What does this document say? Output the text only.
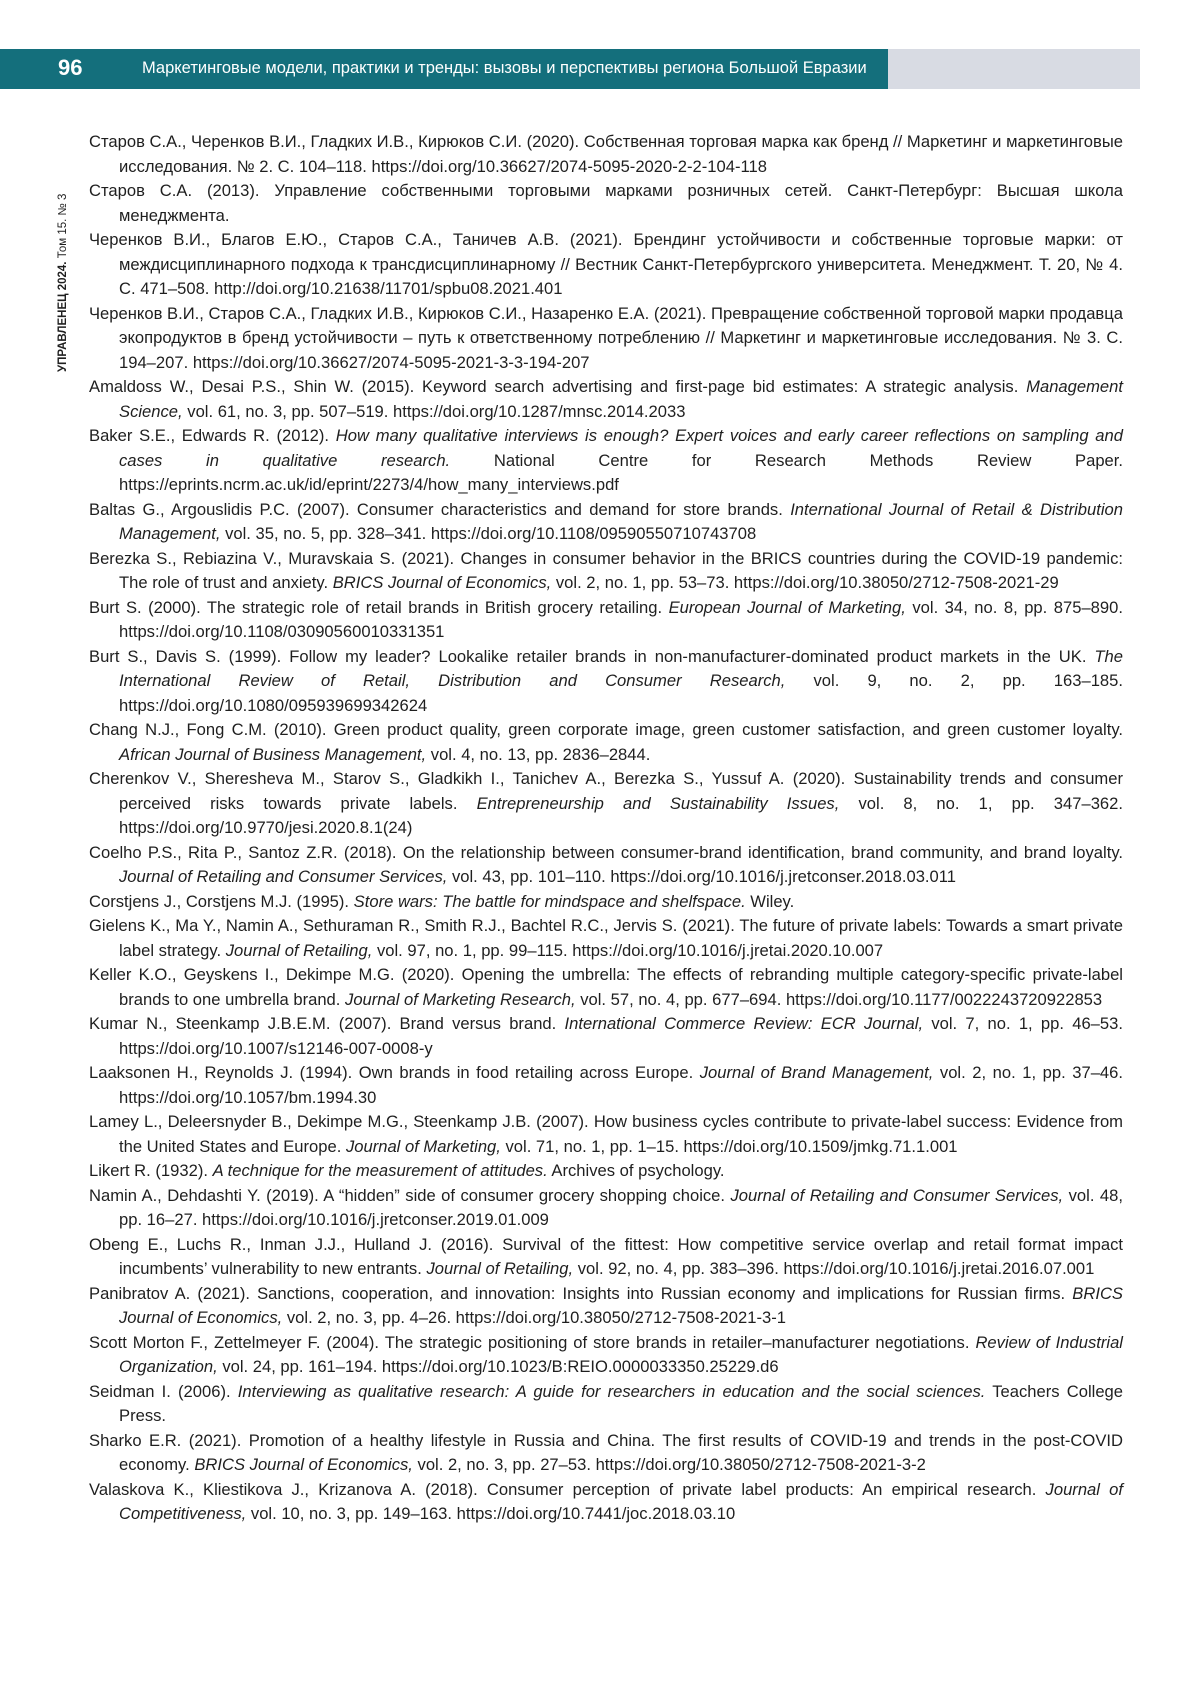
96	Маркетинговые модели, практики и тренды: вызовы и перспективы региона Большой Евразии
УПРАВЛЕНЕЦ 2024. Том 15. № 3
Старов С.А., Черенков В.И., Гладких И.В., Кирюков С.И. (2020). Собственная торговая марка как бренд // Маркетинг и маркетинговые исследования. № 2. С. 104–118. https://doi.org/10.36627/2074-5095-2020-2-2-104-118
Старов С.А. (2013). Управление собственными торговыми марками розничных сетей. Санкт-Петербург: Высшая школа менеджмента.
Черенков В.И., Благов Е.Ю., Старов С.А., Таничев А.В. (2021). Брендинг устойчивости и собственные торговые марки: от междисциплинарного подхода к трансдисциплинарному // Вестник Санкт-Петербургского университета. Менеджмент. Т. 20, № 4. С. 471–508. http://doi.org/10.21638/11701/spbu08.2021.401
Черенков В.И., Старов С.А., Гладких И.В., Кирюков С.И., Назаренко Е.А. (2021). Превращение собственной торговой марки продавца экопродуктов в бренд устойчивости – путь к ответственному потреблению // Маркетинг и маркетинговые исследования. № 3. С. 194–207. https://doi.org/10.36627/2074-5095-2021-3-3-194-207
Amaldoss W., Desai P.S., Shin W. (2015). Keyword search advertising and first-page bid estimates: A strategic analysis. Management Science, vol. 61, no. 3, pp. 507–519. https://doi.org/10.1287/mnsc.2014.2033
Baker S.E., Edwards R. (2012). How many qualitative interviews is enough? Expert voices and early career reflections on sampling and cases in qualitative research. National Centre for Research Methods Review Paper. https://eprints.ncrm.ac.uk/id/eprint/2273/4/how_many_interviews.pdf
Baltas G., Argouslidis P.C. (2007). Consumer characteristics and demand for store brands. International Journal of Retail & Distribution Management, vol. 35, no. 5, pp. 328–341. https://doi.org/10.1108/09590550710743708
Berezka S., Rebiazina V., Muravskaia S. (2021). Changes in consumer behavior in the BRICS countries during the COVID-19 pandemic: The role of trust and anxiety. BRICS Journal of Economics, vol. 2, no. 1, pp. 53–73. https://doi.org/10.38050/2712-7508-2021-29
Burt S. (2000). The strategic role of retail brands in British grocery retailing. European Journal of Marketing, vol. 34, no. 8, pp. 875–890. https://doi.org/10.1108/03090560010331351
Burt S., Davis S. (1999). Follow my leader? Lookalike retailer brands in non-manufacturer-dominated product markets in the UK. The International Review of Retail, Distribution and Consumer Research, vol. 9, no. 2, pp. 163–185. https://doi.org/10.1080/095939699342624
Chang N.J., Fong C.M. (2010). Green product quality, green corporate image, green customer satisfaction, and green customer loyalty. African Journal of Business Management, vol. 4, no. 13, pp. 2836–2844.
Cherenkov V., Sheresheva M., Starov S., Gladkikh I., Tanichev A., Berezka S., Yussuf A. (2020). Sustainability trends and consumer perceived risks towards private labels. Entrepreneurship and Sustainability Issues, vol. 8, no. 1, pp. 347–362. https://doi.org/10.9770/jesi.2020.8.1(24)
Coelho P.S., Rita P., Santoz Z.R. (2018). On the relationship between consumer-brand identification, brand community, and brand loyalty. Journal of Retailing and Consumer Services, vol. 43, pp. 101–110. https://doi.org/10.1016/j.jretconser.2018.03.011
Corstjens J., Corstjens M.J. (1995). Store wars: The battle for mindspace and shelfspace. Wiley.
Gielens K., Ma Y., Namin A., Sethuraman R., Smith R.J., Bachtel R.C., Jervis S. (2021). The future of private labels: Towards a smart private label strategy. Journal of Retailing, vol. 97, no. 1, pp. 99–115. https://doi.org/10.1016/j.jretai.2020.10.007
Keller K.O., Geyskens I., Dekimpe M.G. (2020). Opening the umbrella: The effects of rebranding multiple category-specific private-label brands to one umbrella brand. Journal of Marketing Research, vol. 57, no. 4, pp. 677–694. https://doi.org/10.1177/0022243720922853
Kumar N., Steenkamp J.B.E.M. (2007). Brand versus brand. International Commerce Review: ECR Journal, vol. 7, no. 1, pp. 46–53. https://doi.org/10.1007/s12146-007-0008-y
Laaksonen H., Reynolds J. (1994). Own brands in food retailing across Europe. Journal of Brand Management, vol. 2, no. 1, pp. 37–46. https://doi.org/10.1057/bm.1994.30
Lamey L., Deleersnyder B., Dekimpe M.G., Steenkamp J.B. (2007). How business cycles contribute to private-label success: Evidence from the United States and Europe. Journal of Marketing, vol. 71, no. 1, pp. 1–15. https://doi.org/10.1509/jmkg.71.1.001
Likert R. (1932). A technique for the measurement of attitudes. Archives of psychology.
Namin A., Dehdashti Y. (2019). A “hidden” side of consumer grocery shopping choice. Journal of Retailing and Consumer Services, vol. 48, pp. 16–27. https://doi.org/10.1016/j.jretconser.2019.01.009
Obeng E., Luchs R., Inman J.J., Hulland J. (2016). Survival of the fittest: How competitive service overlap and retail format impact incumbents’ vulnerability to new entrants. Journal of Retailing, vol. 92, no. 4, pp. 383–396. https://doi.org/10.1016/j.jretai.2016.07.001
Panibratov A. (2021). Sanctions, cooperation, and innovation: Insights into Russian economy and implications for Russian firms. BRICS Journal of Economics, vol. 2, no. 3, pp. 4–26. https://doi.org/10.38050/2712-7508-2021-3-1
Scott Morton F., Zettelmeyer F. (2004). The strategic positioning of store brands in retailer–manufacturer negotiations. Review of Industrial Organization, vol. 24, pp. 161–194. https://doi.org/10.1023/B:REIO.0000033350.25229.d6
Seidman I. (2006). Interviewing as qualitative research: A guide for researchers in education and the social sciences. Teachers College Press.
Sharko E.R. (2021). Promotion of a healthy lifestyle in Russia and China. The first results of COVID-19 and trends in the post-COVID economy. BRICS Journal of Economics, vol. 2, no. 3, pp. 27–53. https://doi.org/10.38050/2712-7508-2021-3-2
Valaskova K., Kliestikova J., Krizanova A. (2018). Consumer perception of private label products: An empirical research. Journal of Competitiveness, vol. 10, no. 3, pp. 149–163. https://doi.org/10.7441/joc.2018.03.10
